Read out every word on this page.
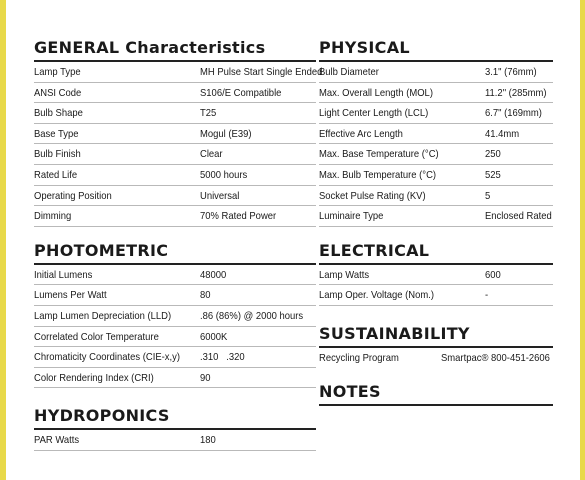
GENERAL Characteristics
Lamp Type	MH Pulse Start Single Ended
ANSI Code	S106/E Compatible
Bulb Shape	T25
Base Type	Mogul (E39)
Bulb Finish	Clear
Rated Life	5000 hours
Operating Position	Universal
Dimming	70% Rated Power
PHOTOMETRIC
Initial Lumens	48000
Lumens Per Watt	80
Lamp Lumen Depreciation (LLD)	.86 (86%) @ 2000 hours
Correlated Color Temperature	6000K
Chromaticity Coordinates (CIE-x,y) .310   .320
Color Rendering Index (CRI)	90
HYDROPONICS
PAR Watts	180
PHYSICAL
Bulb Diameter	3.1" (76mm)
Max. Overall Length (MOL)	11.2" (285mm)
Light Center Length (LCL)	6.7" (169mm)
Effective Arc Length	41.4mm
Max. Base Temperature (°C)	250
Max. Bulb Temperature (°C)	525
Socket Pulse Rating (KV)	5
Luminaire Type	Enclosed Rated
ELECTRICAL
Lamp Watts	600
Lamp Oper. Voltage (Nom.)	-
SUSTAINABILITY
Recycling Program	Smartpac® 800-451-2606
NOTES
